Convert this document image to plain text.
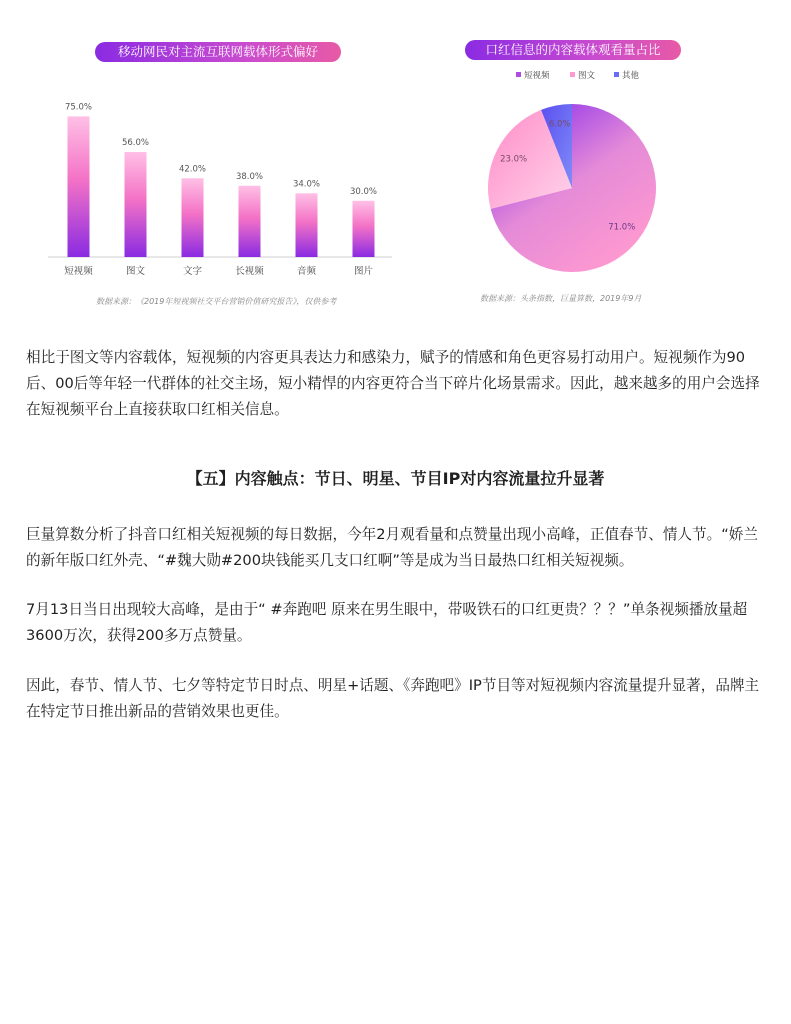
移动网民对主流互联网载体形式偏好	口红信息的内容载体观看量占比
75.0%
短视频
56.0%
图文
42.0%
文字
38.0%
长视频
34.0%
音频
30.0%
图片
数据来源：《2019年短视频社交平台营销价值研究报告》，仅供参考
短视频	图文	其他
71.0%
23.0%
6.0%
数据来源：头条指数，巨量算数，2019年9月
相比于图文等内容载体，短视频的内容更具表达力和感染力，赋予的情感和角色更容易打动用户。短视频作为90后、00后等年轻一代群体的社交主场，短小精悍的内容更符合当下碎片化场景需求。因此，越来越多的用户会选择在短视频平台上直接获取口红相关信息。
【五】内容触点：节日、明星、节目IP对内容流量拉升显著
巨量算数分析了抖音口红相关短视频的每日数据，今年2月观看量和点赞量出现小高峰，正值春节、情人节。“娇兰的新年版口红外壳、“#魏大勋#200块钱能买几支口红啊”等是成为当日最热口红相关短视频。
7月13日当日出现较大高峰，是由于“ #奔跑吧 原来在男生眼中，带吸铁石的口红更贵？？？”单条视频播放量超3600万次，获得200多万点赞量。
因此，春节、情人节、七夕等特定节日时点、明星+话题、《奔跑吧》IP节目等对短视频内容流量提升显著，品牌主在特定节日推出新品的营销效果也更佳。
